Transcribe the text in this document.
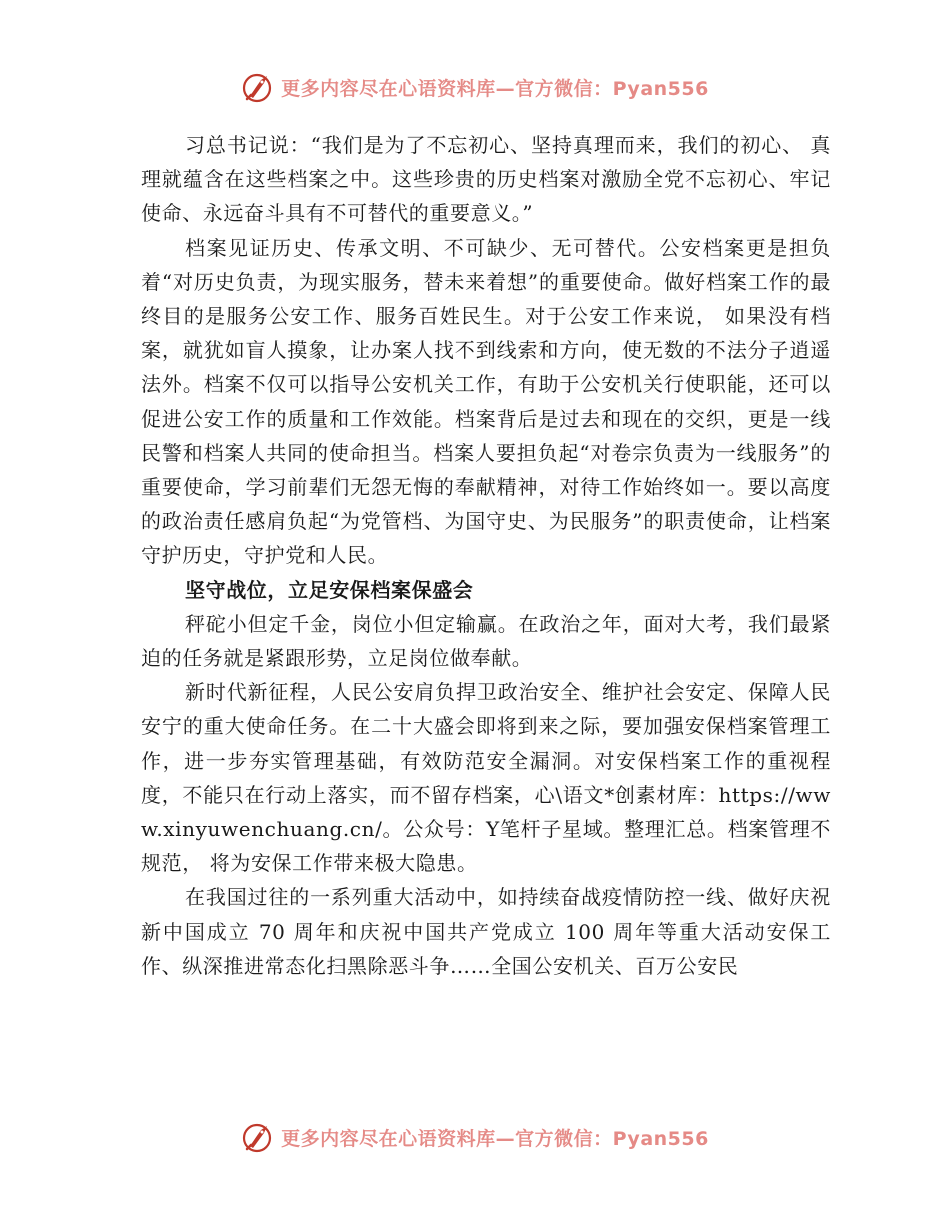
更多内容尽在心语资料库—官方微信：Pyan556

习总书记说：“我们是为了不忘初心、坚持真理而来，我们的初心、 真理就蕴含在这些档案之中。这些珍贵的历史档案对激励全党不忘初心、牢记使命、永远奋斗具有不可替代的重要意义。”

档案见证历史、传承文明、不可缺少、无可替代。公安档案更是担负着“对历史负责，为现实服务，替未来着想”的重要使命。做好档案工作的最终目的是服务公安工作、服务百姓民生。对于公安工作来说， 如果没有档案，就犹如盲人摸象，让办案人找不到线索和方向，使无数的不法分子逍遥法外。档案不仅可以指导公安机关工作，有助于公安机关行使职能，还可以促进公安工作的质量和工作效能。档案背后是过去和现在的交织，更是一线民警和档案人共同的使命担当。档案人要担负起“对卷宗负责为一线服务”的重要使命，学习前辈们无怨无悔的奉献精神，对待工作始终如一。要以高度的政治责任感肩负起“为党管档、为国守史、为民服务”的职责使命，让档案守护历史，守护党和人民。

坚守战位，立足安保档案保盛会

秤砣小但定千金，岗位小但定输赢。在政治之年，面对大考，我们最紧迫的任务就是紧跟形势，立足岗位做奉献。

新时代新征程，人民公安肩负捍卫政治安全、维护社会安定、保障人民安宁的重大使命任务。在二十大盛会即将到来之际，要加强安保档案管理工作，进一步夯实管理基础，有效防范安全漏洞。对安保档案工作的重视程度，不能只在行动上落实，而不留存档案，心\语文*创素材库：https://www.xinyuwenchuang.cn/。公众号：Y笔杆子星域。整理汇总。档案管理不规范， 将为安保工作带来极大隐患。

在我国过往的一系列重大活动中，如持续奋战疫情防控一线、做好庆祝新中国成立 70 周年和庆祝中国共产党成立 100 周年等重大活动安保工作、纵深推进常态化扫黑除恶斗争……全国公安机关、百万公安民

更多内容尽在心语资料库—官方微信：Pyan556
